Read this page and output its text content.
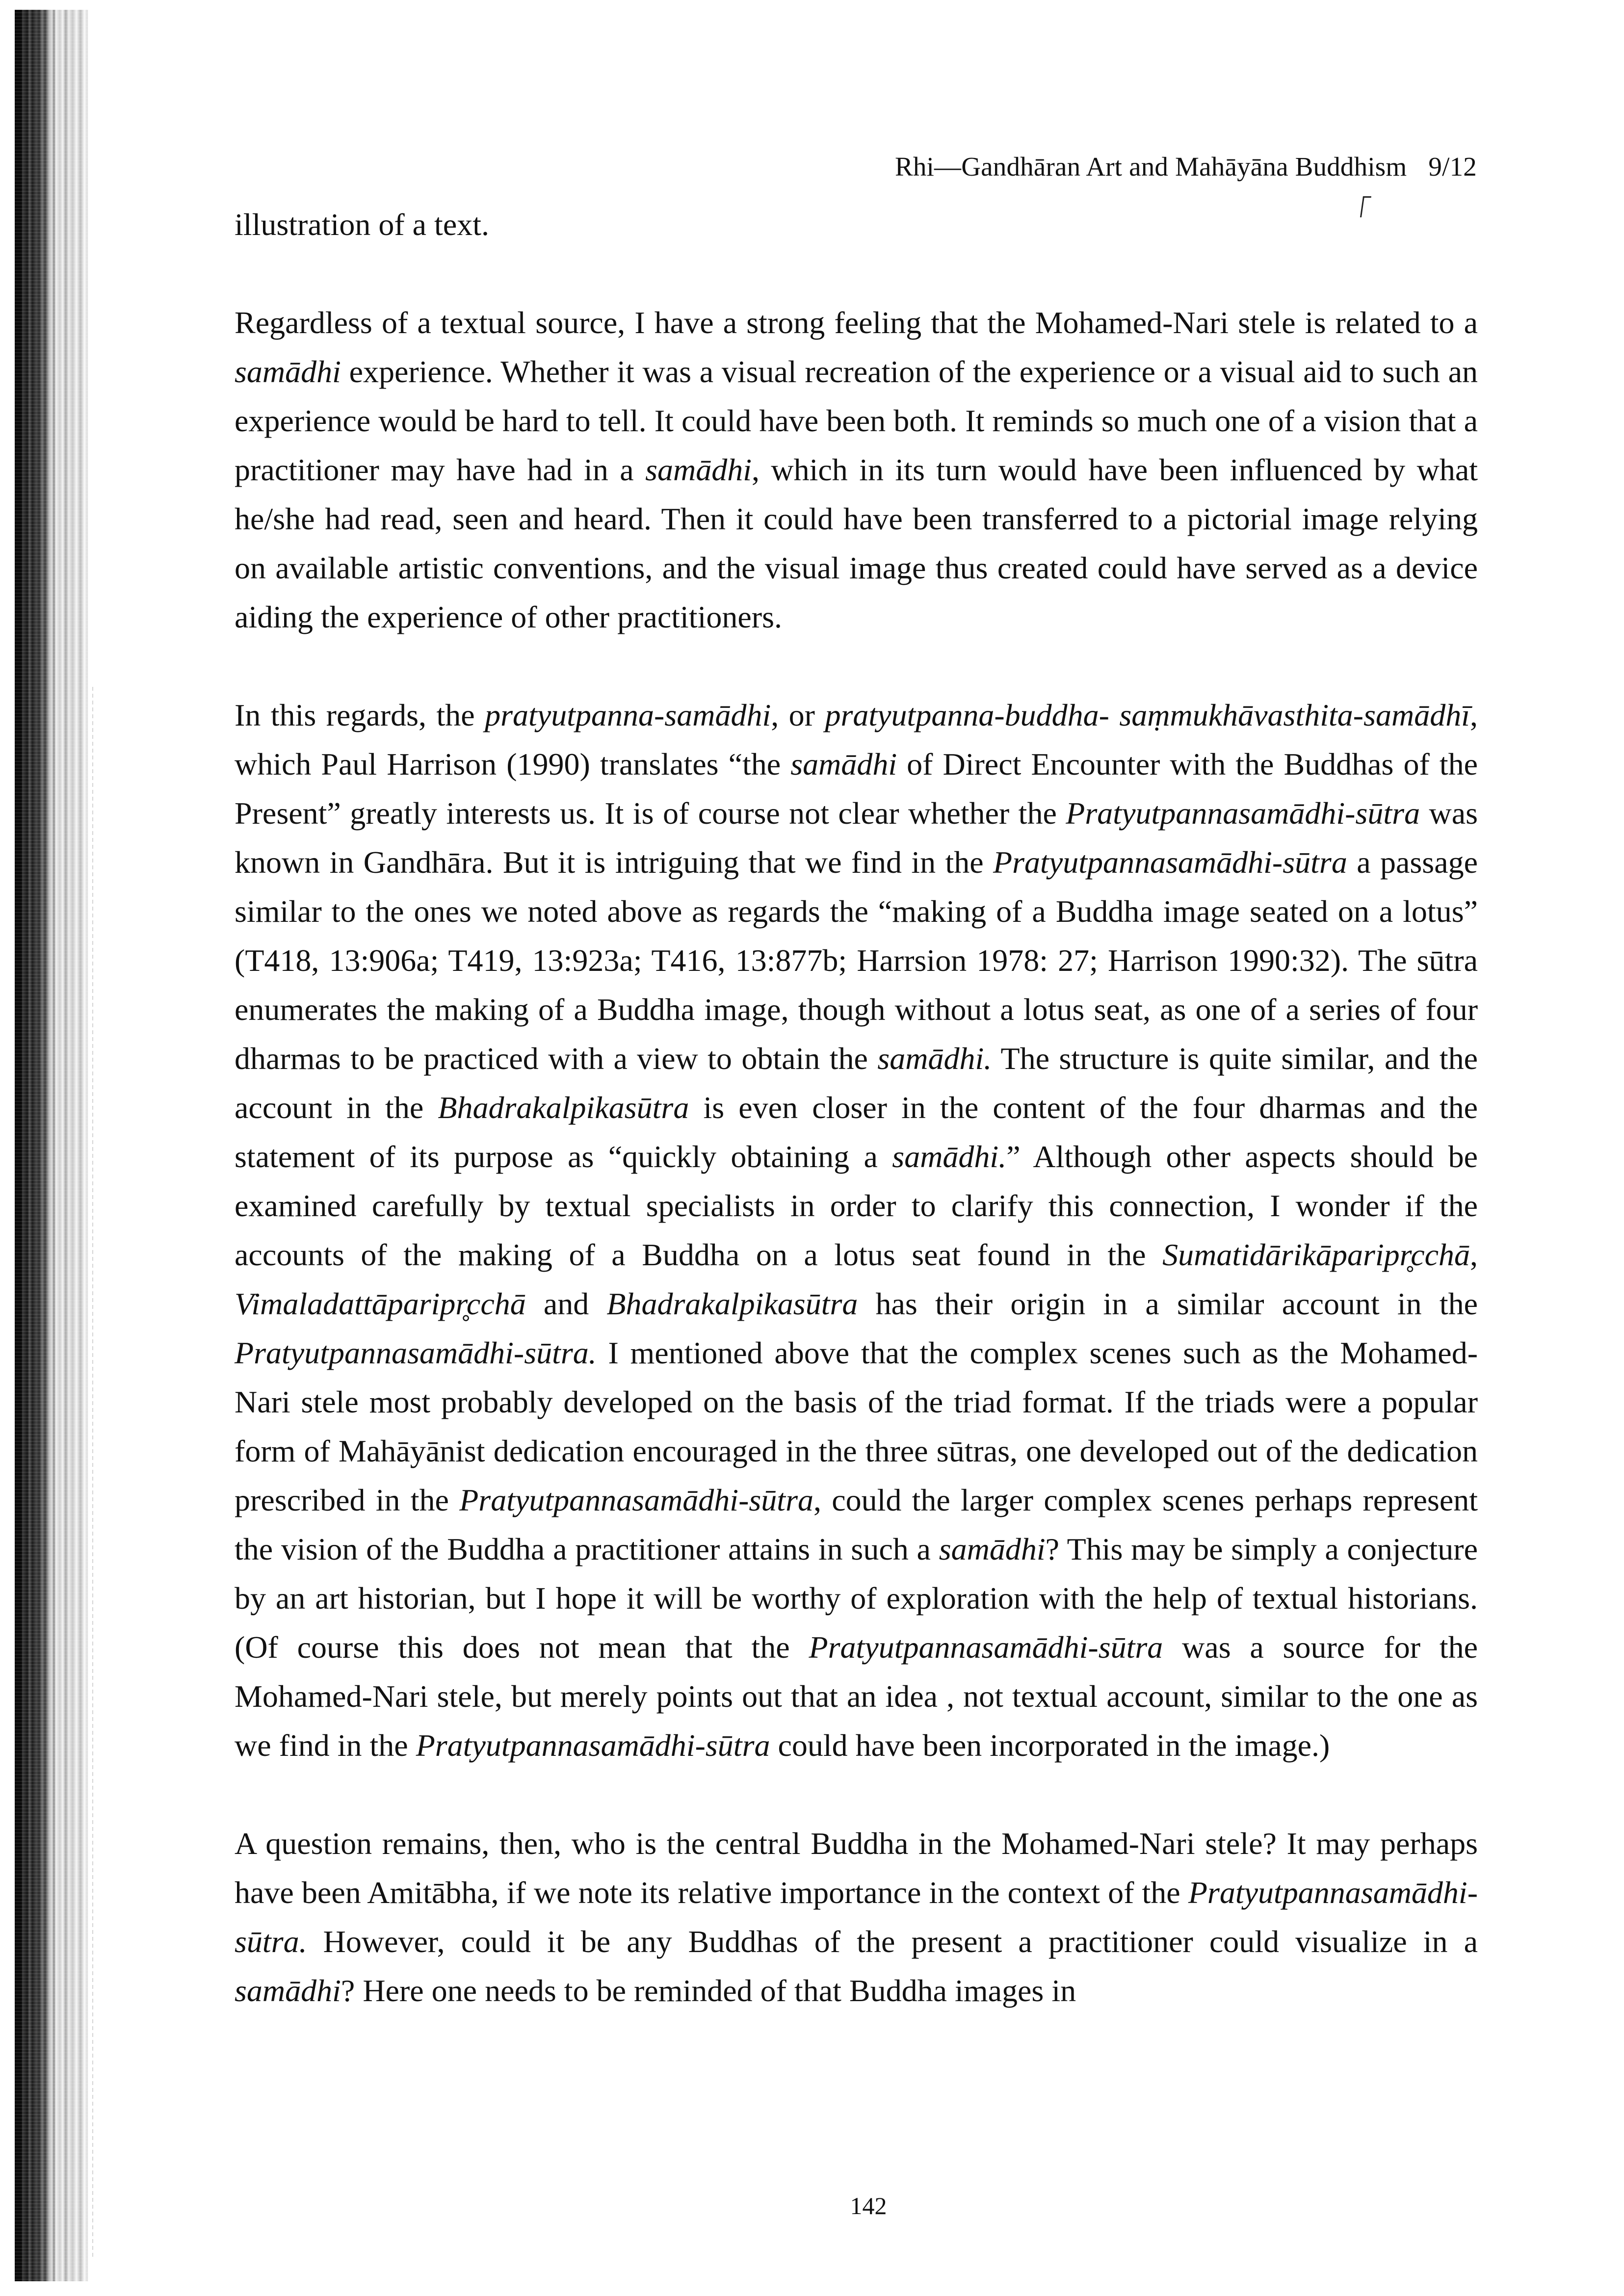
Rhi—Gandhāran Art and Mahāyāna Buddhism 9/12

illustration of a text.

Regardless of a textual source, I have a strong feeling that the Mohamed-Nari stele is related to a samādhi experience. Whether it was a visual recreation of the experience or a visual aid to such an experience would be hard to tell. It could have been both. It reminds so much one of a vision that a practitioner may have had in a samādhi, which in its turn would have been influenced by what he/she had read, seen and heard. Then it could have been transferred to a pictorial image relying on available artistic conventions, and the visual image thus created could have served as a device aiding the experience of other practitioners.

In this regards, the pratyutpanna-samādhi, or pratyutpanna-buddha- saṃmukhāvasthita-samādhī, which Paul Harrison (1990) translates “the samādhi of Direct Encounter with the Buddhas of the Present” greatly interests us. It is of course not clear whether the Pratyutpannasamādhi-sūtra was known in Gandhāra. But it is intriguing that we find in the Pratyutpannasamādhi-sūtra a passage similar to the ones we noted above as regards the “making of a Buddha image seated on a lotus” (T418, 13:906a; T419, 13:923a; T416, 13:877b; Harrsion 1978: 27; Harrison 1990:32). The sūtra enumerates the making of a Buddha image, though without a lotus seat, as one of a series of four dharmas to be practiced with a view to obtain the samādhi. The structure is quite similar, and the account in the Bhadrakalpikasūtra is even closer in the content of the four dharmas and the statement of its purpose as “quickly obtaining a samādhi.” Although other aspects should be examined carefully by textual specialists in order to clarify this connection, I wonder if the accounts of the making of a Buddha on a lotus seat found in the Sumatidārikāparipr̥cchā, Vimaladattāparipr̥cchā and Bhadrakalpikasūtra has their origin in a similar account in the Pratyutpannasamādhi-sūtra. I mentioned above that the complex scenes such as the Mohamed-Nari stele most probably developed on the basis of the triad format. If the triads were a popular form of Mahāyānist dedication encouraged in the three sūtras, one developed out of the dedication prescribed in the Pratyutpannasamādhi-sūtra, could the larger complex scenes perhaps represent the vision of the Buddha a practitioner attains in such a samādhi? This may be simply a conjecture by an art historian, but I hope it will be worthy of exploration with the help of textual historians. (Of course this does not mean that the Pratyutpannasamādhi-sūtra was a source for the Mohamed-Nari stele, but merely points out that an idea , not textual account, similar to the one as we find in the Pratyutpannasamādhi-sūtra could have been incorporated in the image.)

A question remains, then, who is the central Buddha in the Mohamed-Nari stele? It may perhaps have been Amitābha, if we note its relative importance in the context of the Pratyutpannasamādhi-sūtra. However, could it be any Buddhas of the present a practitioner could visualize in a samādhi? Here one needs to be reminded of that Buddha images in

142
